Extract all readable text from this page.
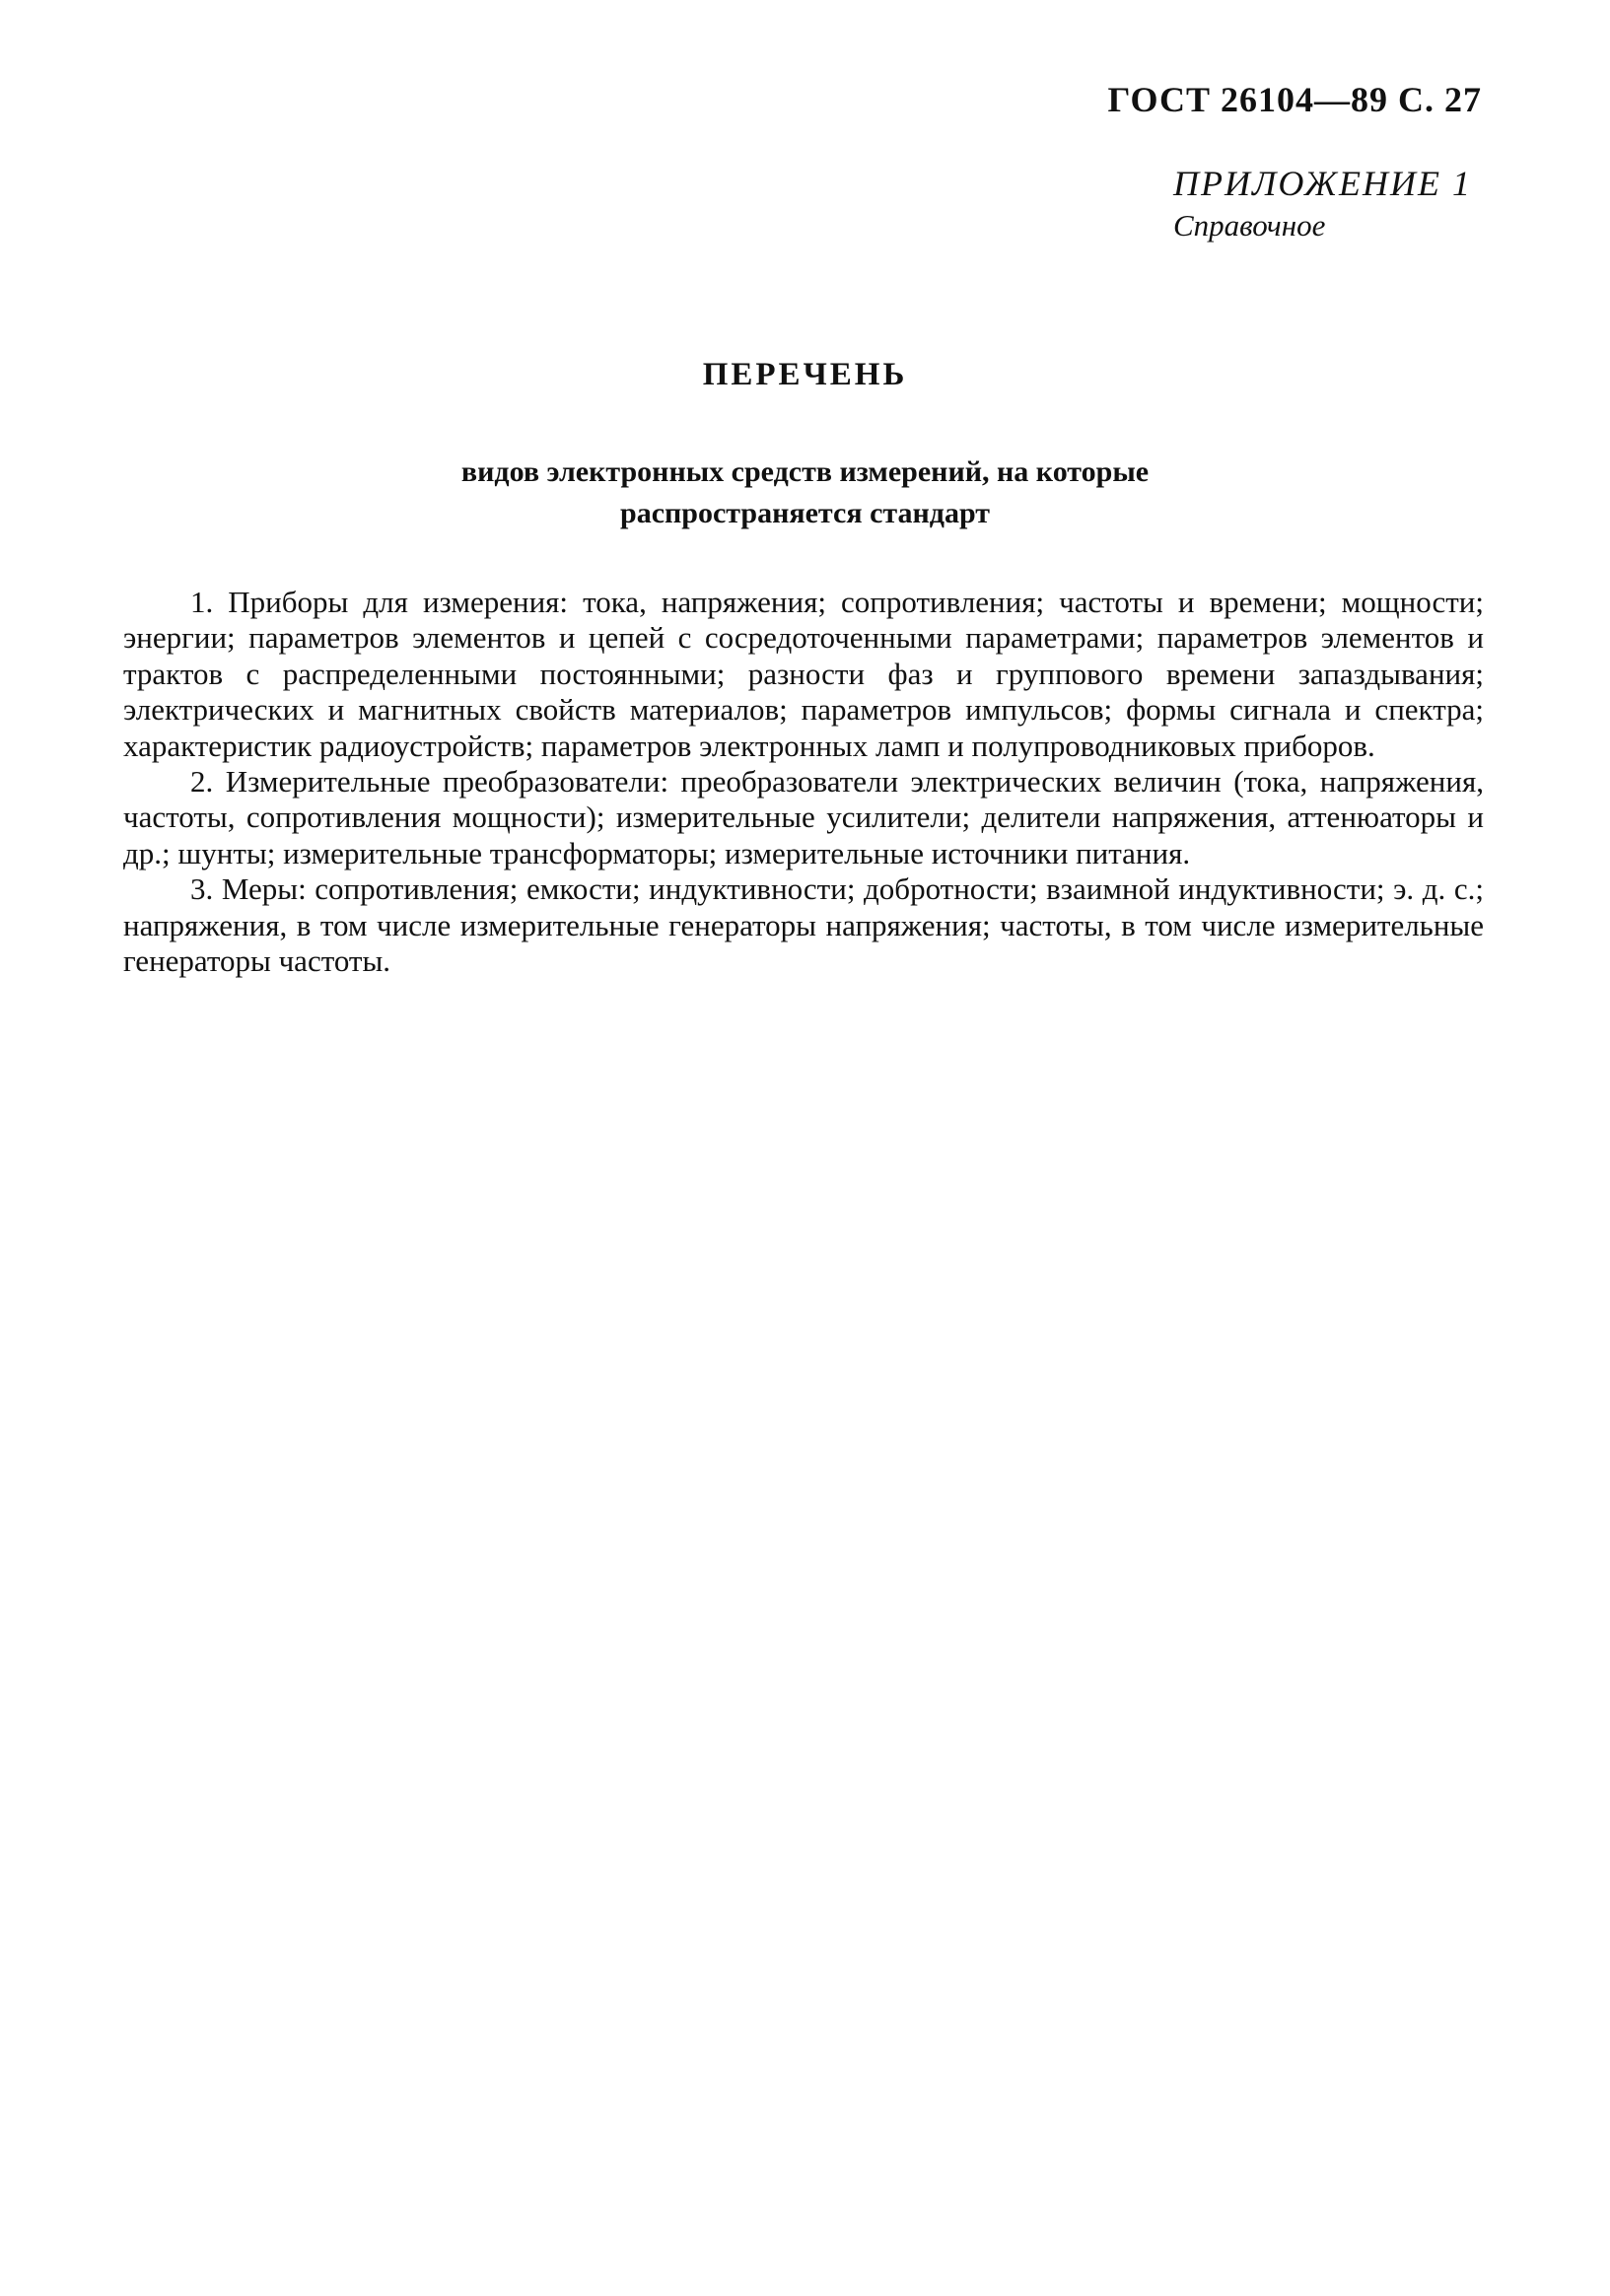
ГОСТ 26104—89 С. 27
ПРИЛОЖЕНИЕ 1
Справочное
ПЕРЕЧЕНЬ
видов электронных средств измерений, на которые
распространяется стандарт

1. Приборы для измерения: тока, напряжения; сопротивления; частоты и времени; мощности; энергии; параметров элементов и цепей с сосредоточенными параметрами; параметров элементов и трактов с распределенными постоянными; разности фаз и группового времени запаздывания; электрических и магнитных свойств материалов; параметров импульсов; формы сигнала и спектра; характеристик радиоустройств; параметров электронных ламп и полупроводниковых приборов.

2. Измерительные преобразователи: преобразователи электрических величин (тока, напряжения, частоты, сопротивления мощности); измерительные усилители; делители напряжения, аттенюаторы и др.; шунты; измерительные трансформаторы; измерительные источники питания.

3. Меры: сопротивления; емкости; индуктивности; добротности; взаимной индуктивности; э. д. с.; напряжения, в том числе измерительные генераторы напряжения; частоты, в том числе измерительные генераторы частоты.
